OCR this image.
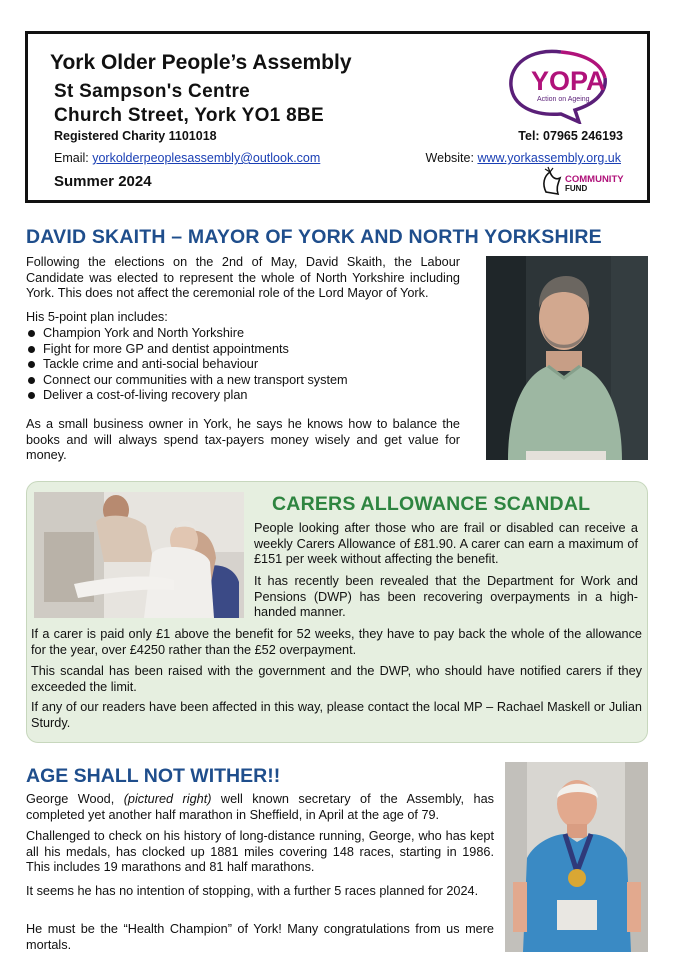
York Older People’s Assembly
St Sampson's Centre
Church Street, York YO1 8BE
Registered Charity 1101018
Email: yorkolderpeoplesassembly@outlook.com
Summer 2024
Tel: 07965 246193
Website: www.yorkassembly.org.uk
YOPA
Action on Ageing
COMMUNITY
FUND
DAVID SKAITH – MAYOR OF YORK AND NORTH YORKSHIRE

Following the elections on the 2nd of May, David Skaith, the Labour Candidate was elected to represent the whole of North Yorkshire including York. This does not affect the ceremonial role of the Lord Mayor of York.

His 5-point plan includes:

Champion York and North Yorkshire
Fight for more GP and dentist appointments
Tackle crime and anti-social behaviour
Connect our communities with a new transport system
Deliver a cost-of-living recovery plan

As a small business owner in York, he says he knows how to balance the books and will always spend tax-payers money wisely and get value for money.

CARERS ALLOWANCE SCANDAL

People looking after those who are frail or disabled can receive a weekly Carers Allowance of £81.90. A carer can earn a maximum of £151 per week without affecting the benefit.

It has recently been revealed that the Department for Work and Pensions (DWP) has been recovering overpayments in a high-handed manner.

If a carer is paid only £1 above the benefit for 52 weeks, they have to pay back the whole of the allowance for the year, over £4250 rather than the £52 overpayment.

This scandal has been raised with the government and the DWP, who should have notified carers if they exceeded the limit.

If any of our readers have been affected in this way, please contact the local MP – Rachael Maskell or Julian Sturdy.

AGE SHALL NOT WITHER!!

George Wood, (pictured right) well known secretary of the Assembly, has completed yet another half marathon in Sheffield, in April at the age of 79.

Challenged to check on his history of long-distance running, George, who has kept all his medals, has clocked up 1881 miles covering 148 races, starting in 1986. This includes 19 marathons and 81 half marathons.

It seems he has no intention of stopping, with a further 5 races planned for 2024.

He must be the “Health Champion” of York! Many congratulations from us mere mortals.
